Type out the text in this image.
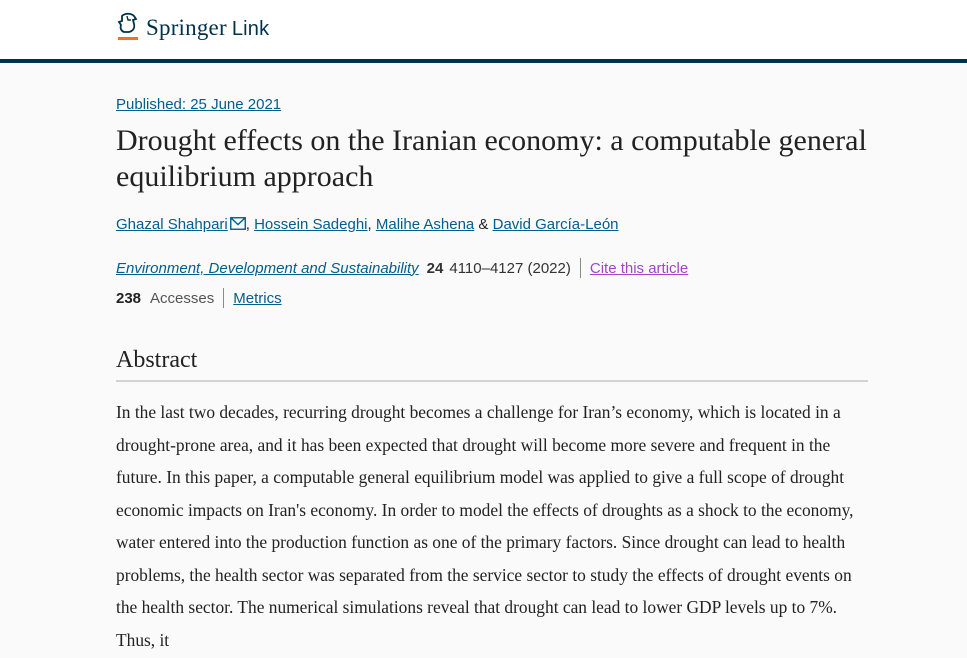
Springer Link
Published: 25 June 2021
Drought effects on the Iranian economy: a computable general equilibrium approach
Ghazal Shahpari , Hossein Sadeghi, Malihe Ashena & David García-León
Environment, Development and Sustainability 24 4110–4127 (2022) Cite this article
238 Accesses Metrics
Abstract

In the last two decades, recurring drought becomes a challenge for Iran’s economy, which is located in a drought-prone area, and it has been expected that drought will become more severe and frequent in the future. In this paper, a computable general equilibrium model was applied to give a full scope of drought economic impacts on Iran's economy. In order to model the effects of droughts as a shock to the economy, water entered into the production function as one of the primary factors. Since drought can lead to health problems, the health sector was separated from the service sector to study the effects of drought events on the health sector. The numerical simulations reveal that drought can lead to lower GDP levels up to 7%. Thus, it
